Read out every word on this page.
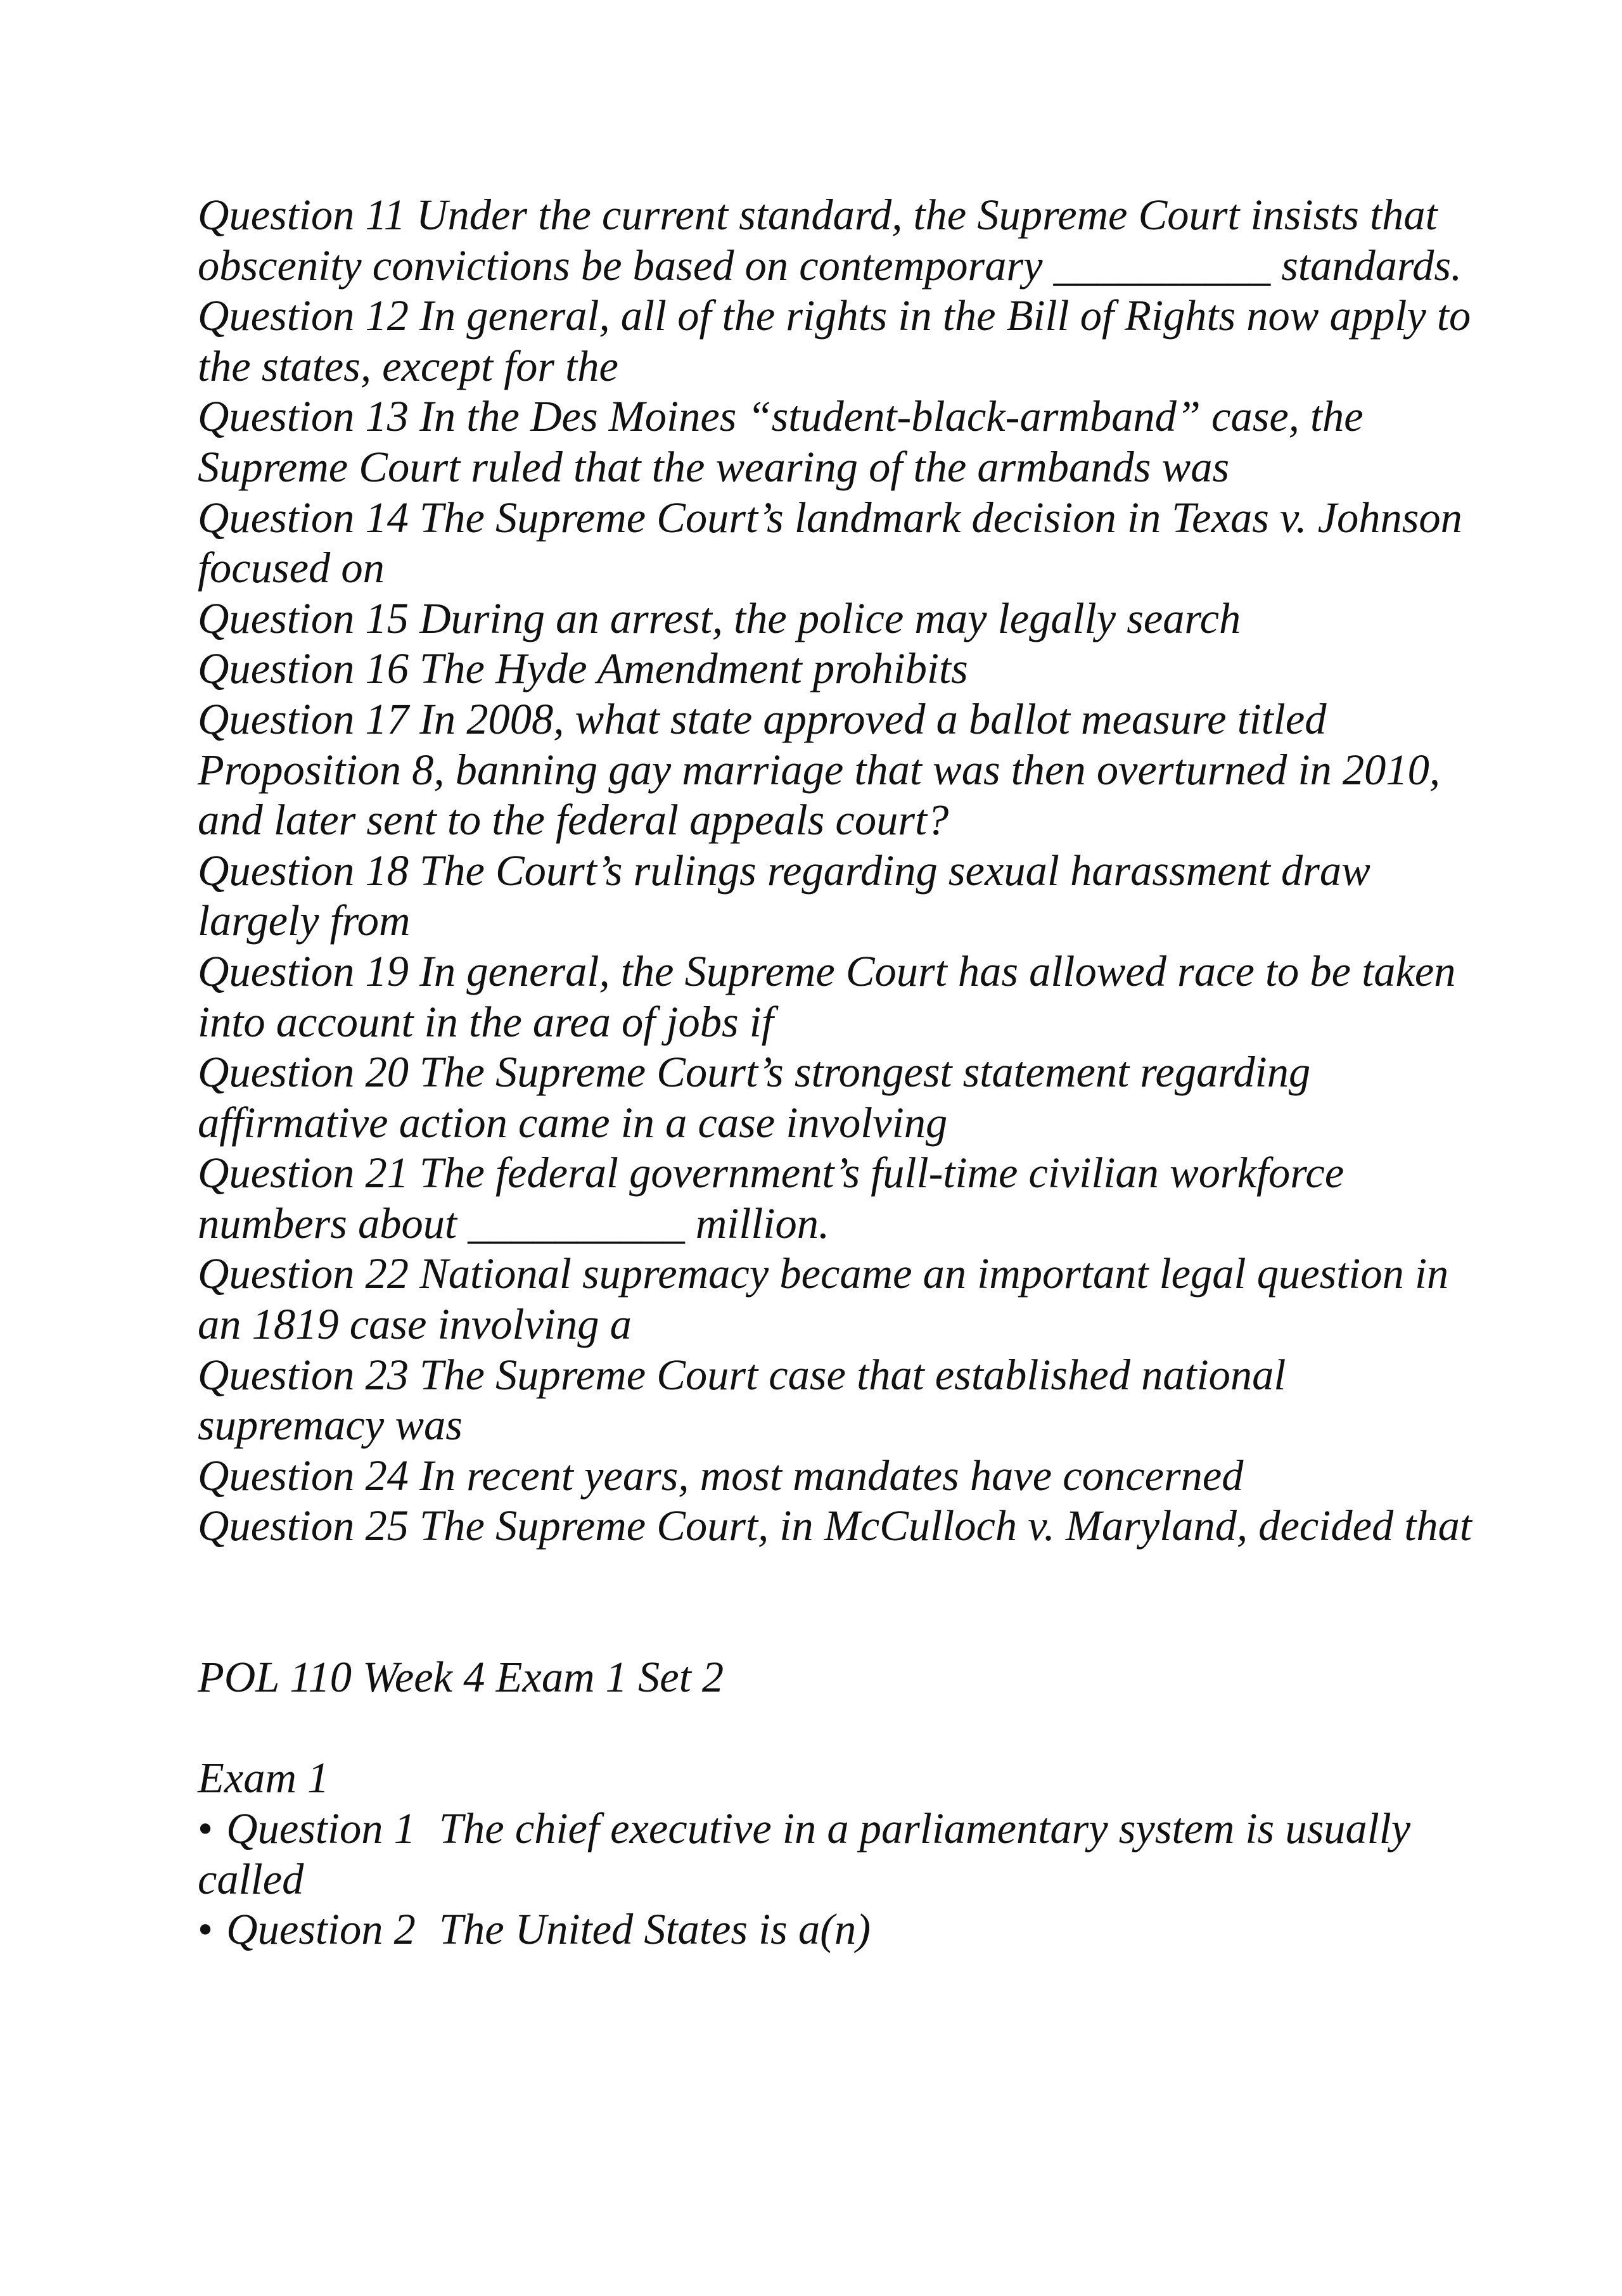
Question 11 Under the current standard, the Supreme Court insists that obscenity convictions be based on contemporary __________ standards.

Question 12 In general, all of the rights in the Bill of Rights now apply to the states, except for the

Question 13 In the Des Moines “student-black-armband” case, the Supreme Court ruled that the wearing of the armbands was

Question 14 The Supreme Court’s landmark decision in Texas v. Johnson focused on

Question 15 During an arrest, the police may legally search

Question 16 The Hyde Amendment prohibits

Question 17 In 2008, what state approved a ballot measure titled Proposition 8, banning gay marriage that was then overturned in 2010, and later sent to the federal appeals court?

Question 18 The Court’s rulings regarding sexual harassment draw largely from

Question 19 In general, the Supreme Court has allowed race to be taken into account in the area of jobs if

Question 20 The Supreme Court’s strongest statement regarding affirmative action came in a case involving

Question 21 The federal government’s full-time civilian workforce numbers about __________ million.

Question 22 National supremacy became an important legal question in an 1819 case involving a

Question 23 The Supreme Court case that established national supremacy was

Question 24 In recent years, most mandates have concerned

Question 25 The Supreme Court, in McCulloch v. Maryland, decided that

POL 110 Week 4 Exam 1 Set 2

Exam 1

• Question 1 The chief executive in a parliamentary system is usually called

• Question 2 The United States is a(n)
